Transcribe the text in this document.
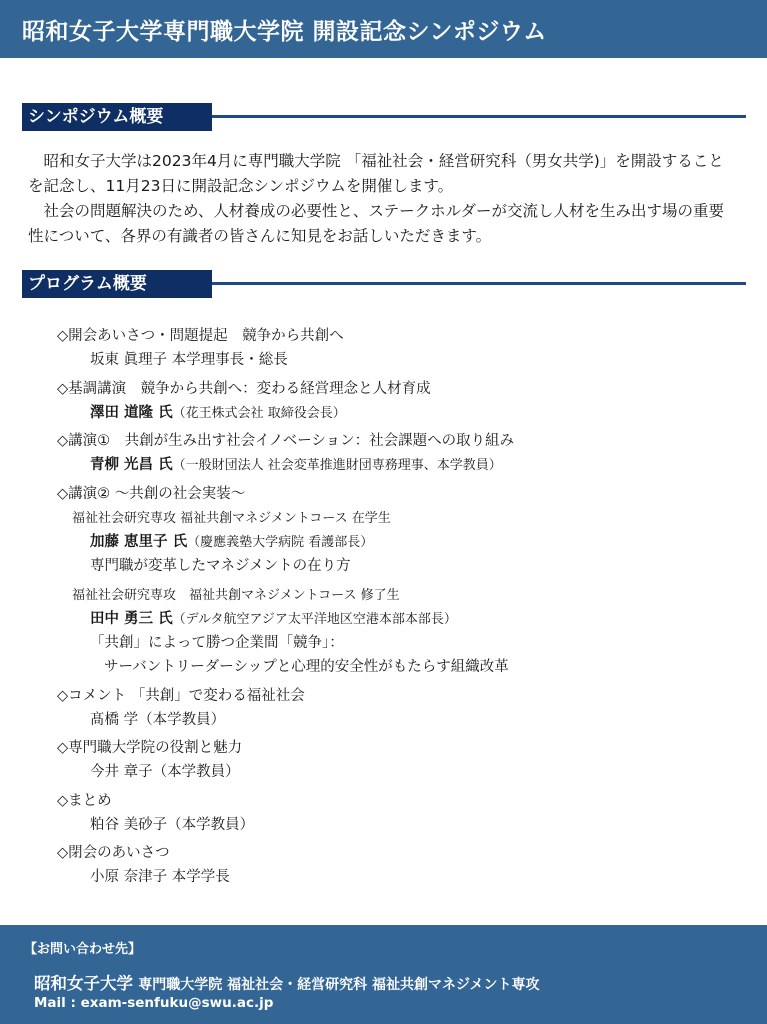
昭和女子大学専門職大学院 開設記念シンポジウム
シンポジウム概要

昭和女子大学は2023年4月に専門職大学院 「福祉社会・経営研究科（男女共学)」を開設することを記念し、11月23日に開設記念シンポジウムを開催します。

社会の問題解決のため、人材養成の必要性と、ステークホルダーが交流し人材を生み出す場の重要性について、各界の有識者の皆さんに知見をお話しいただきます。

プログラム概要
◇開会あいさつ・問題提起　競争から共創へ
坂東 眞理子 本学理事長・総長
◇基調講演　競争から共創へ：変わる経営理念と人材育成
澤田 道隆 氏（花王株式会社 取締役会長）
◇講演①　共創が生み出す社会イノベーション：社会課題への取り組み
青柳 光昌 氏（一般財団法人 社会変革推進財団専務理事、本学教員）
◇講演② ～共創の社会実装～
福祉社会研究専攻 福祉共創マネジメントコース 在学生
加藤 恵里子 氏（慶應義塾大学病院 看護部長）
専門職が変革したマネジメントの在り方
福祉社会研究専攻　福祉共創マネジメントコース 修了生
田中 勇三 氏（デルタ航空アジア太平洋地区空港本部本部長）
「共創」によって勝つ企業間「競争」：
サーバントリーダーシップと心理的安全性がもたらす組織改革
◇コメント 「共創」で変わる福祉社会
髙橋 学（本学教員）
◇専門職大学院の役割と魅力
今井 章子（本学教員）
◇まとめ
粕谷 美砂子（本学教員）
◇閉会のあいさつ
小原 奈津子 本学学長
【お問い合わせ先】
昭和女子大学 専門職大学院 福祉社会・経営研究科 福祉共創マネジメント専攻
Mail : exam-senfuku@swu.ac.jp
